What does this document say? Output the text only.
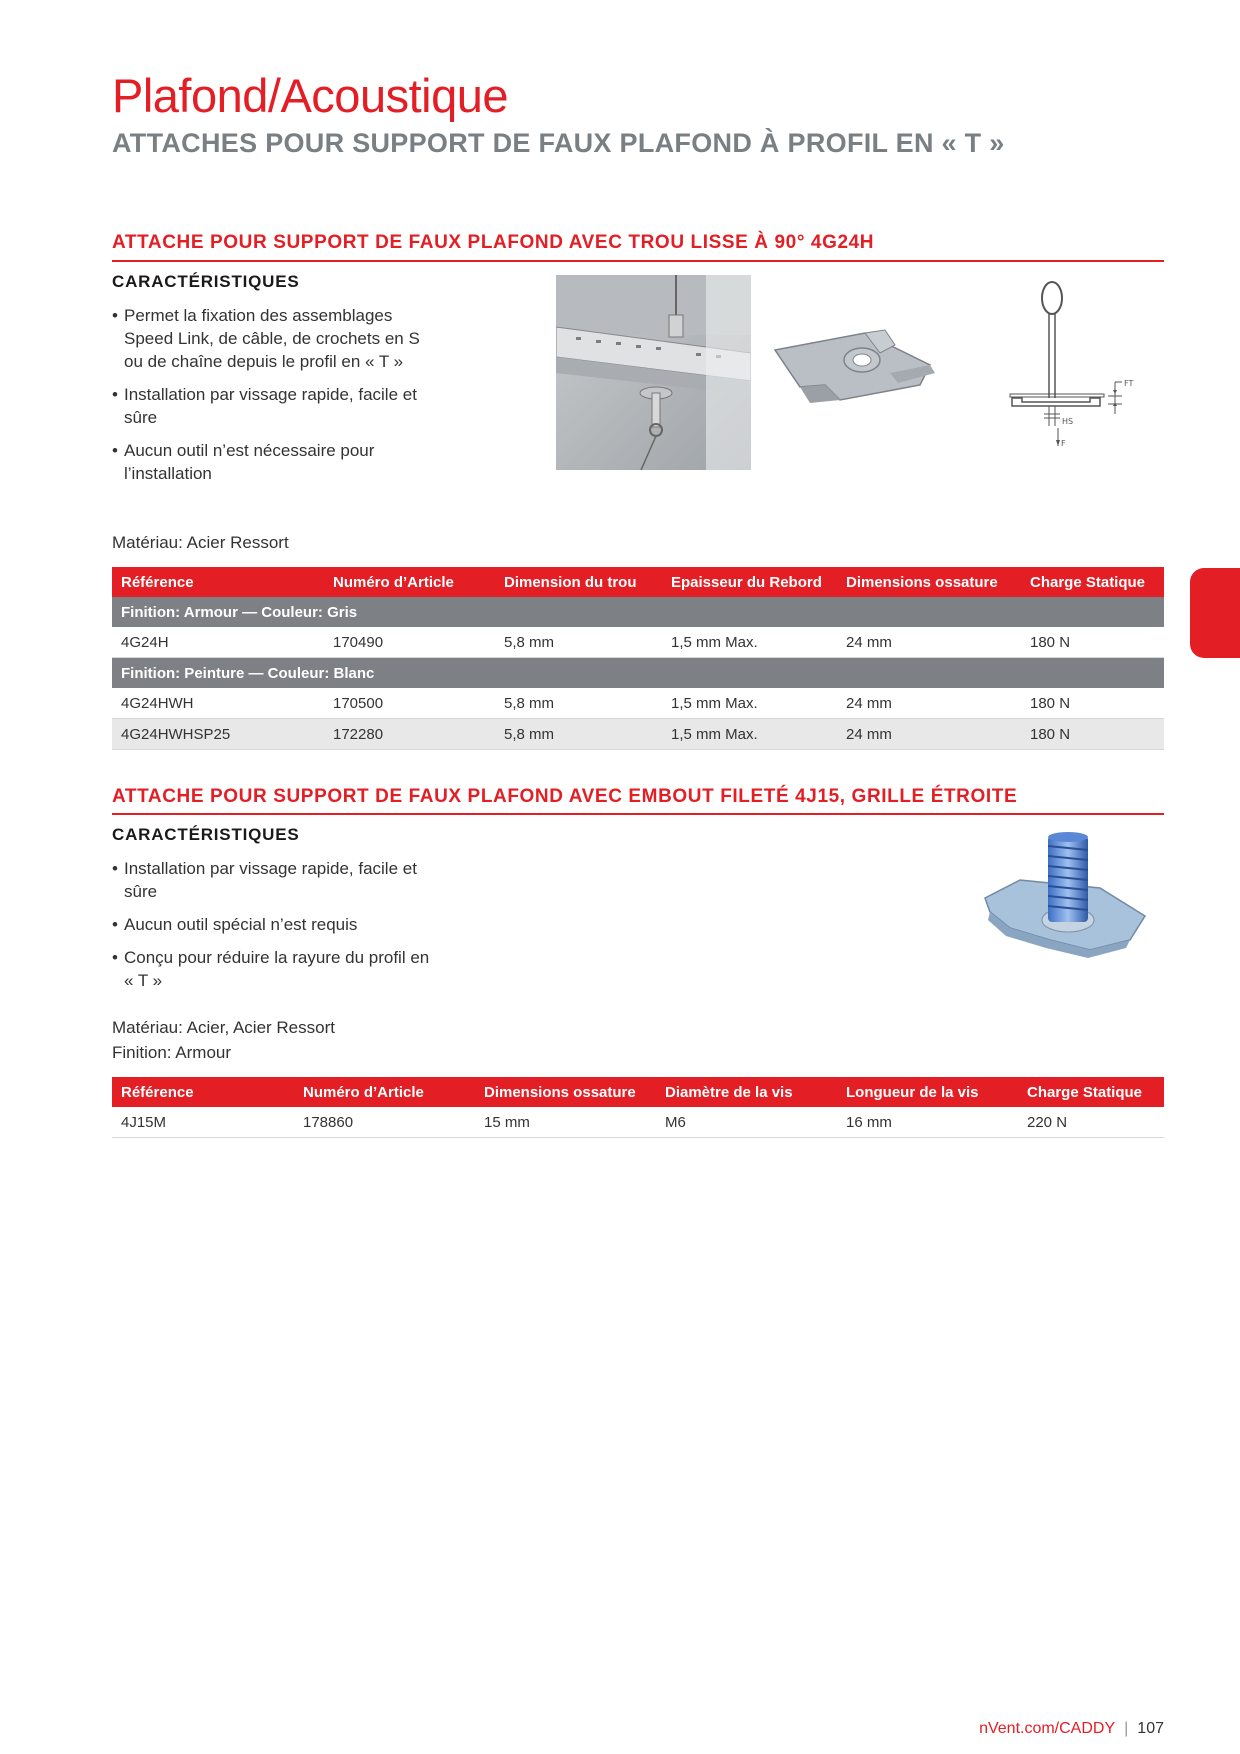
Plafond/Acoustique
ATTACHES POUR SUPPORT DE FAUX PLAFOND À PROFIL EN « T »
ATTACHE POUR SUPPORT DE FAUX PLAFOND AVEC TROU LISSE À 90° 4G24H
CARACTÉRISTIQUES
• Permet la fixation des assemblages Speed Link, de câble, de crochets en S ou de chaîne depuis le profil en « T »
• Installation par vissage rapide, facile et sûre
• Aucun outil n’est nécessaire pour l’installation
Matériau: Acier Ressort
FT
HS
F
Référence	Numéro d’Article	Dimension du trou	Epaisseur du Rebord	Dimensions ossature	Charge Statique
Finition: Armour — Couleur: Gris					
4G24H	170490	5,8 mm	1,5 mm Max.	24 mm	180 N
Finition: Peinture — Couleur: Blanc					
4G24HWH	170500	5,8 mm	1,5 mm Max.	24 mm	180 N
4G24HWHSP25	172280	5,8 mm	1,5 mm Max.	24 mm	180 N
ATTACHE POUR SUPPORT DE FAUX PLAFOND AVEC EMBOUT FILETÉ 4J15, GRILLE ÉTROITE
CARACTÉRISTIQUES
• Installation par vissage rapide, facile et sûre
• Aucun outil spécial n’est requis
• Conçu pour réduire la rayure du profil en « T »
Matériau: Acier, Acier Ressort
Finition: Armour
Référence	Numéro d’Article	Dimensions ossature	Diamètre de la vis	Longueur de la vis	Charge Statique
4J15M	178860	15 mm	M6	16 mm	220 N
nVent.com/CADDY | 107
